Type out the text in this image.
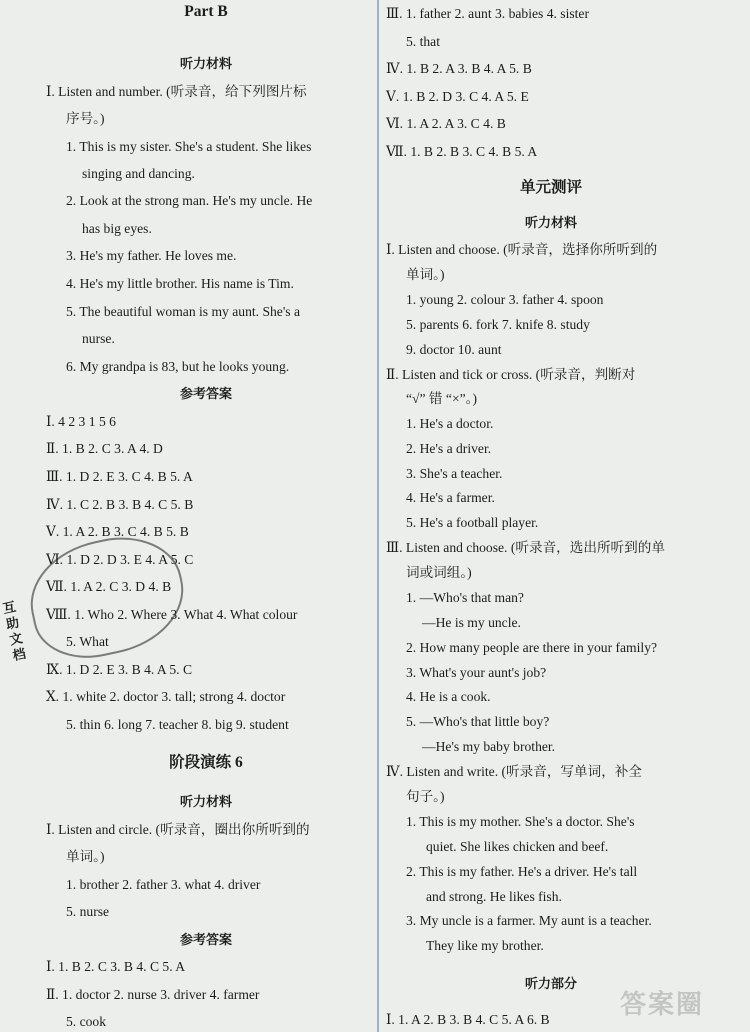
Part B
听力材料
Ⅰ. Listen and number. (听录音，给下列图片标
序号。)
1. This is my sister. She's a student. She likes
singing and dancing.
2. Look at the strong man. He's my uncle. He
has big eyes.
3. He's my father. He loves me.
4. He's my little brother. His name is Tim.
5. The beautiful woman is my aunt. She's a
nurse.
6. My grandpa is 83, but he looks young.
参考答案
Ⅰ. 4 2 3 1 5 6
Ⅱ. 1. B 2. C 3. A 4. D
Ⅲ. 1. D 2. E 3. C 4. B 5. A
Ⅳ. 1. C 2. B 3. B 4. C 5. B
Ⅴ. 1. A 2. B 3. C 4. B 5. B
Ⅵ. 1. D 2. D 3. E 4. A 5. C
Ⅶ. 1. A 2. C 3. D 4. B
Ⅷ. 1. Who 2. Where 3. What 4. What colour
5. What
Ⅸ. 1. D 2. E 3. B 4. A 5. C
Ⅹ. 1. white 2. doctor 3. tall; strong 4. doctor
5. thin 6. long 7. teacher 8. big 9. student
阶段演练 6
听力材料
Ⅰ. Listen and circle. (听录音，圈出你所听到的
单词。)
1. brother 2. father 3. what 4. driver
5. nurse
参考答案
Ⅰ. 1. B 2. C 3. B 4. C 5. A
Ⅱ. 1. doctor 2. nurse 3. driver 4. farmer
5. cook
Ⅲ. 1. father 2. aunt 3. babies 4. sister
5. that
Ⅳ. 1. B 2. A 3. B 4. A 5. B
Ⅴ. 1. B 2. D 3. C 4. A 5. E
Ⅵ. 1. A 2. A 3. C 4. B
Ⅶ. 1. B 2. B 3. C 4. B 5. A
单元测评
听力材料
Ⅰ. Listen and choose. (听录音，选择你所听到的
单词。)
1. young 2. colour 3. father 4. spoon
5. parents 6. fork 7. knife 8. study
9. doctor 10. aunt
Ⅱ. Listen and tick or cross. (听录音，判断对
“√” 错 “×”。)
1. He's a doctor.
2. He's a driver.
3. She's a teacher.
4. He's a farmer.
5. He's a football player.
Ⅲ. Listen and choose. (听录音，选出所听到的单
词或词组。)
1. —Who's that man?
—He is my uncle.
2. How many people are there in your family?
3. What's your aunt's job?
4. He is a cook.
5. —Who's that little boy?
—He's my baby brother.
Ⅳ. Listen and write. (听录音，写单词，补全
句子。)
1. This is my mother. She's a doctor. She's
quiet. She likes chicken and beef.
2. This is my father. He's a driver. He's tall
and strong. He likes fish.
3. My uncle is a farmer. My aunt is a teacher.
They like my brother.
听力部分
Ⅰ. 1. A 2. B 3. B 4. C 5. A 6. B
互助文档
答案圈
